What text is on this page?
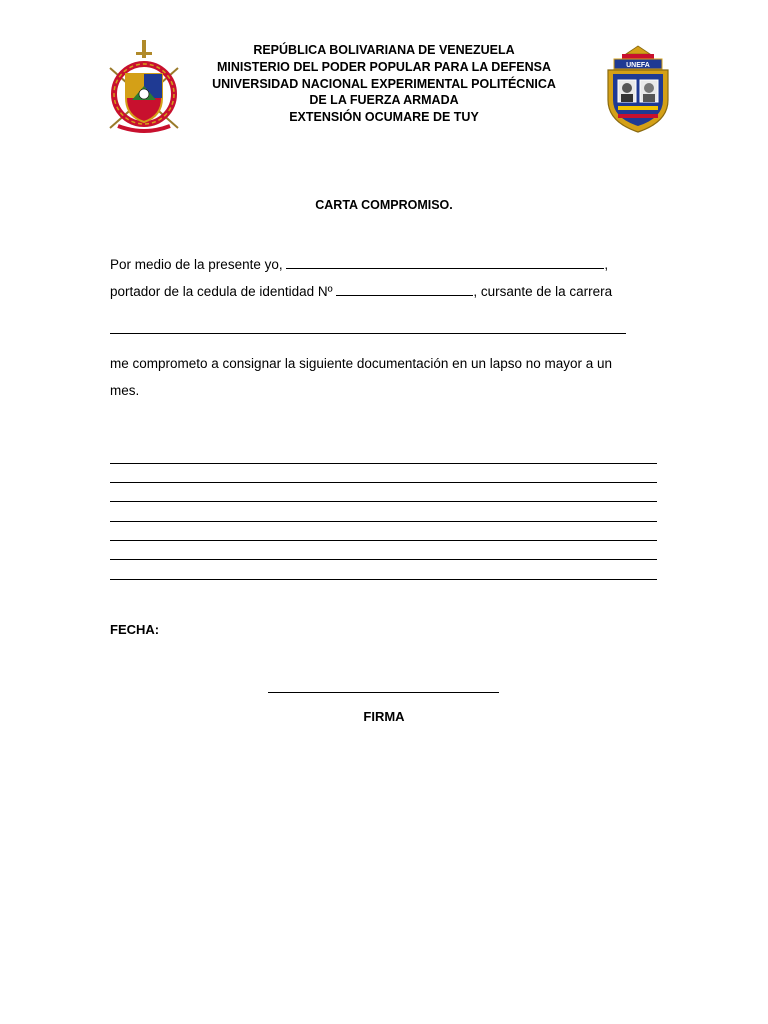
UNEFA
REPÚBLICA BOLIVARIANA DE VENEZUELA
MINISTERIO DEL PODER POPULAR PARA LA DEFENSA
UNIVERSIDAD NACIONAL EXPERIMENTAL POLITÉCNICA
DE LA FUERZA ARMADA
EXTENSIÓN OCUMARE DE TUY
CARTA COMPROMISO.
Por medio de la presente yo,	,
portador de la cedula de identidad Nº	, cursante de la carrera
me comprometo a consignar la siguiente documentación en un lapso no mayor a un
mes.
FECHA:
FIRMA
